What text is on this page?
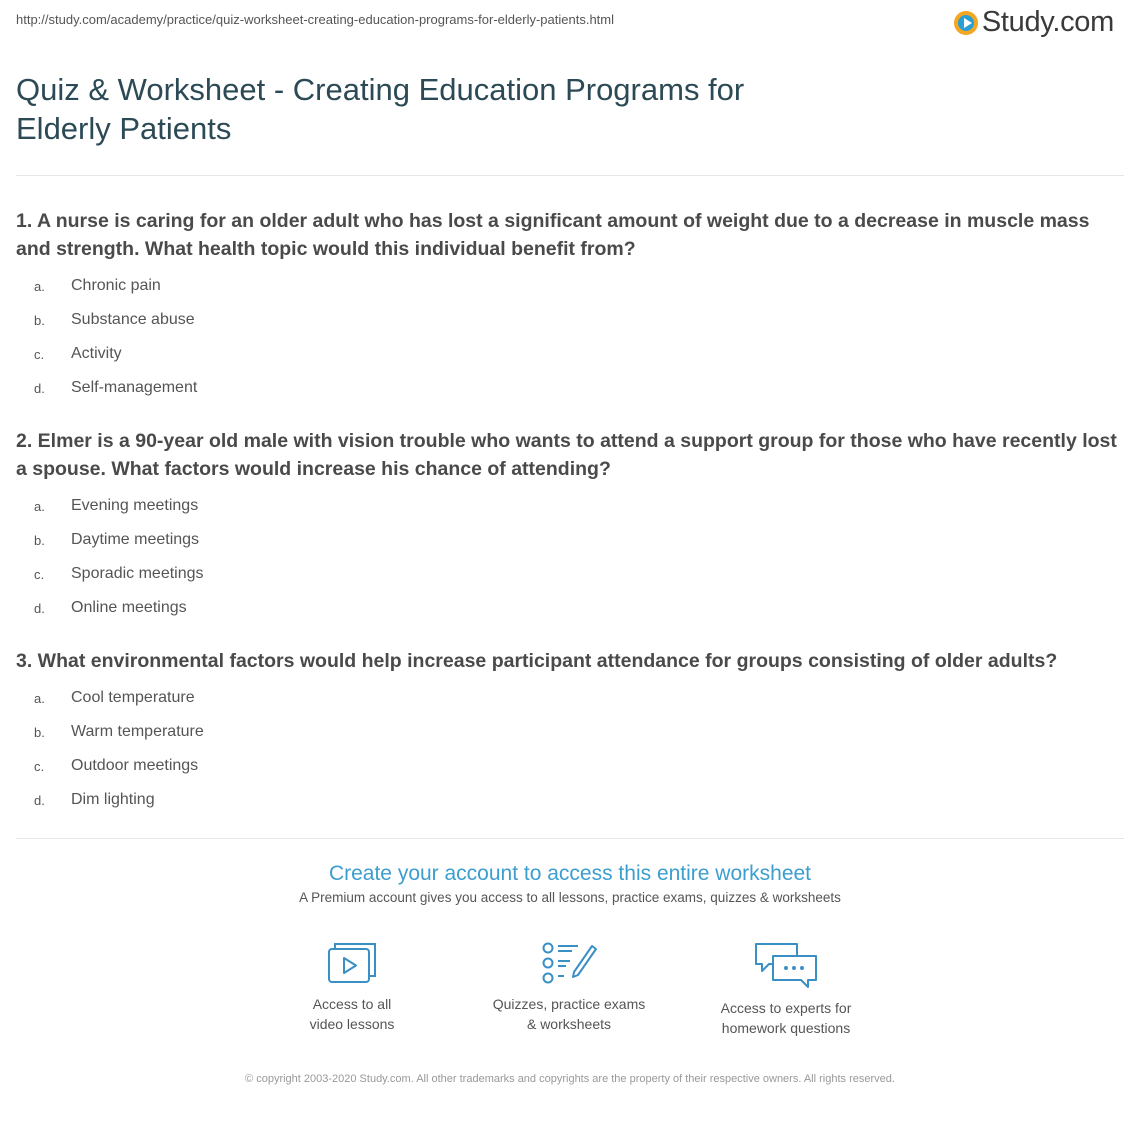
http://study.com/academy/practice/quiz-worksheet-creating-education-programs-for-elderly-patients.html	Study.com
Quiz & Worksheet - Creating Education Programs for Elderly Patients
1. A nurse is caring for an older adult who has lost a significant amount of weight due to a decrease in muscle mass and strength. What health topic would this individual benefit from?
a.	Chronic pain
b.	Substance abuse
c.	Activity
d.	Self-management
2. Elmer is a 90-year old male with vision trouble who wants to attend a support group for those who have recently lost a spouse. What factors would increase his chance of attending?
a.	Evening meetings
b.	Daytime meetings
c.	Sporadic meetings
d.	Online meetings
3. What environmental factors would help increase participant attendance for groups consisting of older adults?
a.	Cool temperature
b.	Warm temperature
c.	Outdoor meetings
d.	Dim lighting
Create your account to access this entire worksheet
A Premium account gives you access to all lessons, practice exams, quizzes & worksheets
Access to all
video lessons
Quizzes, practice exams
& worksheets
Access to experts for
homework questions
© copyright 2003-2020 Study.com. All other trademarks and copyrights are the property of their respective owners. All rights reserved.
